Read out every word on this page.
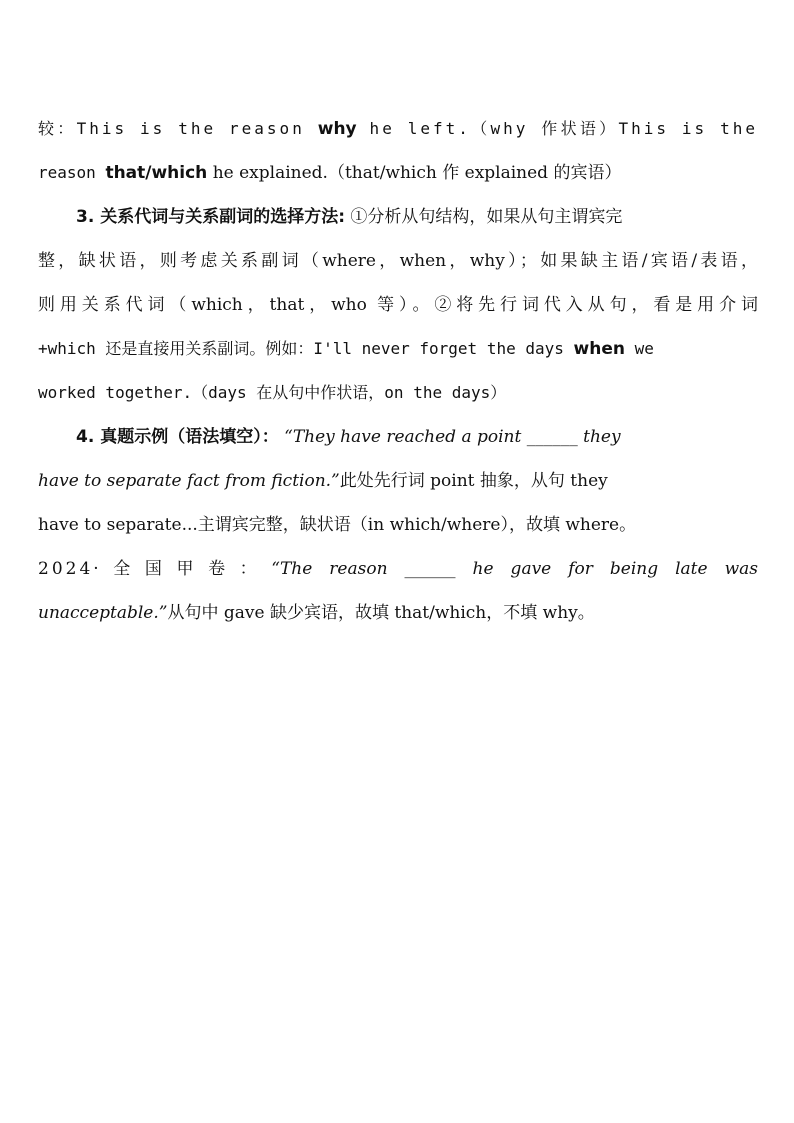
较：This is the reason why he left.（why 作状语）This is the
reason that/which he explained.（that/which 作 explained 的宾语）
3. 关系代词与关系副词的选择方法: ①分析从句结构，如果从句主谓宾完
整，缺状语，则考虑关系副词（where，when，why）；如果缺主语/宾语/表语，
则用关系代词（which，that，who 等）。②将先行词代入从句，看是用介词
+which 还是直接用关系副词。例如：I'll never forget the days when we
worked together.（days 在从句中作状语，on the days）
4. 真题示例（语法填空）： “They have reached a point ______ they
have to separate fact from fiction.”此处先行词 point 抽象，从句 they
have to separate...主谓宾完整，缺状语（in which/where），故填 where。
2024·全国甲卷：“The reason ______ he gave for being late was
unacceptable.”从句中 gave 缺少宾语，故填 that/which，不填 why。
